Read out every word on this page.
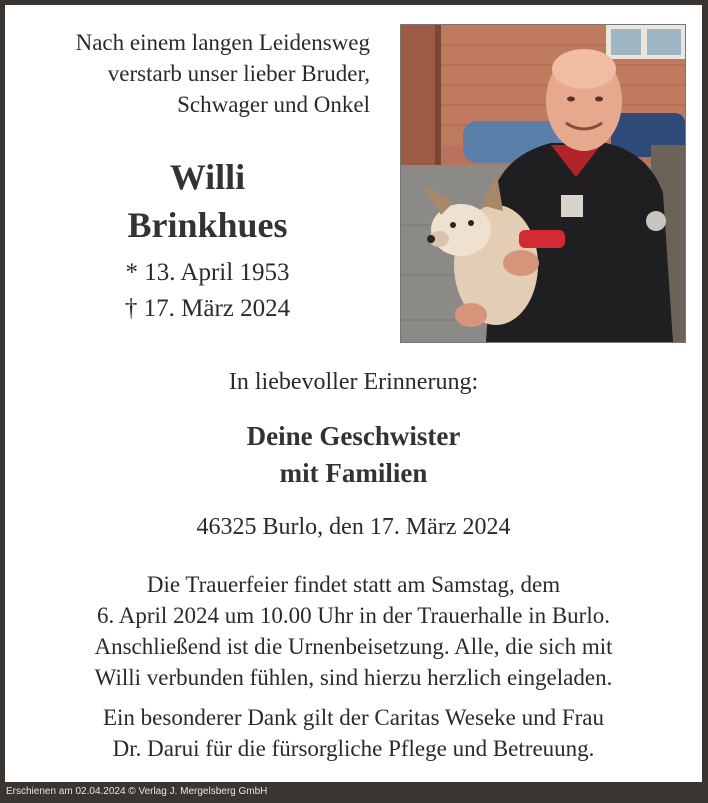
Nach einem langen Leidensweg
verstarb unser lieber Bruder,
Schwager und Onkel
Willi
Brinkhues
* 13. April 1953
† 17. März 2024
In liebevoller Erinnerung:
Deine Geschwister
mit Familien
46325 Burlo, den 17. März 2024
Die Trauerfeier findet statt am Samstag, dem
6. April 2024 um 10.00 Uhr in der Trauerhalle in Burlo.
Anschließend ist die Urnenbeisetzung. Alle, die sich mit
Willi verbunden fühlen, sind hierzu herzlich eingeladen.
Ein besonderer Dank gilt der Caritas Weseke und Frau
Dr. Darui für die fürsorgliche Pflege und Betreuung.
Erschienen am 02.04.2024 © Verlag J. Mergelsberg GmbH
